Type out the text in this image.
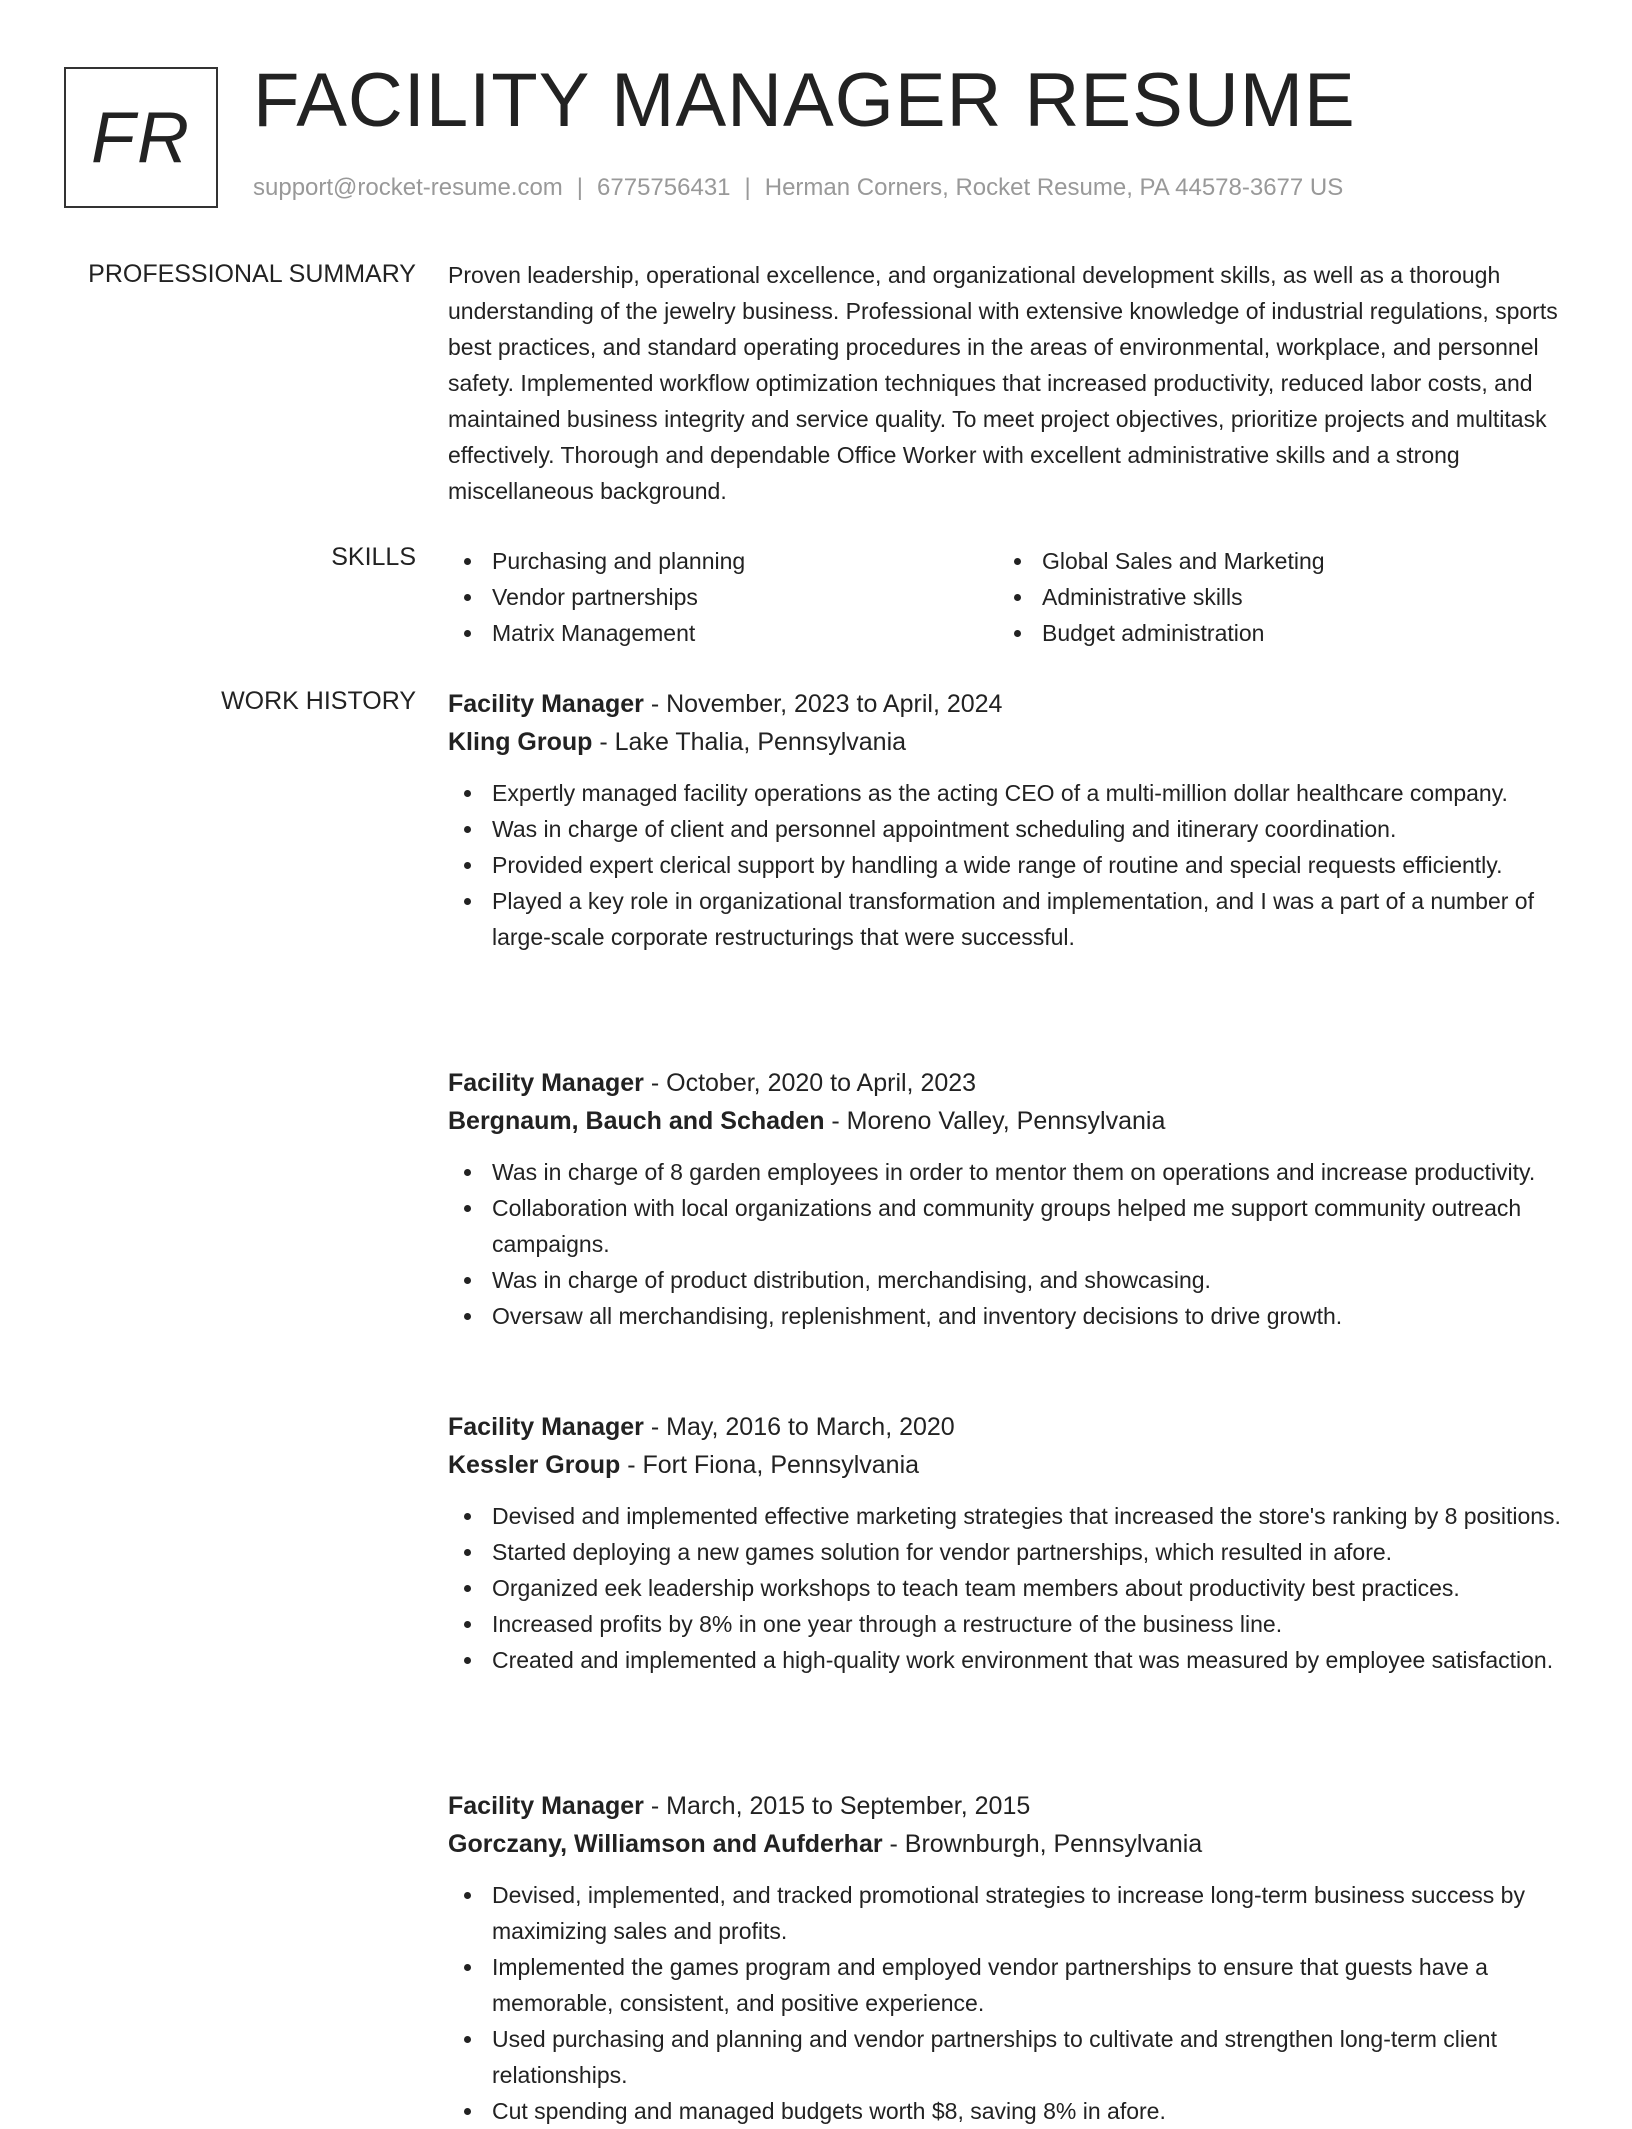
FR FACILITY MANAGER RESUME
support@rocket-resume.com | 6775756431 | Herman Corners, Rocket Resume, PA 44578-3677 US
PROFESSIONAL SUMMARY Proven leadership, operational excellence, and organizational development skills, as well as a thorough understanding of the jewelry business. Professional with extensive knowledge of industrial regulations, sports best practices, and standard operating procedures in the areas of environmental, workplace, and personnel safety. Implemented workflow optimization techniques that increased productivity, reduced labor costs, and maintained business integrity and service quality. To meet project objectives, prioritize projects and multitask effectively. Thorough and dependable Office Worker with excellent administrative skills and a strong miscellaneous background.

SKILLS	Purchasing and planning
Vendor partnerships
Matrix Management
Global Sales and Marketing
Administrative skills
Budget administration
WORK HISTORY Facility Manager - November, 2023 to April, 2024
Kling Group - Lake Thalia, Pennsylvania
Expertly managed facility operations as the acting CEO of a multi-million dollar healthcare company.
Was in charge of client and personnel appointment scheduling and itinerary coordination.
Provided expert clerical support by handling a wide range of routine and special requests efficiently.
Played a key role in organizational transformation and implementation, and I was a part of a number of large-scale corporate restructurings that were successful.
Facility Manager - October, 2020 to April, 2023
Bergnaum, Bauch and Schaden - Moreno Valley, Pennsylvania
Was in charge of 8 garden employees in order to mentor them on operations and increase productivity.
Collaboration with local organizations and community groups helped me support community outreach campaigns.
Was in charge of product distribution, merchandising, and showcasing.
Oversaw all merchandising, replenishment, and inventory decisions to drive growth.
Facility Manager - May, 2016 to March, 2020
Kessler Group - Fort Fiona, Pennsylvania
Devised and implemented effective marketing strategies that increased the store's ranking by 8 positions.
Started deploying a new games solution for vendor partnerships, which resulted in afore.
Organized eek leadership workshops to teach team members about productivity best practices.
Increased profits by 8% in one year through a restructure of the business line.
Created and implemented a high-quality work environment that was measured by employee satisfaction.
Facility Manager - March, 2015 to September, 2015
Gorczany, Williamson and Aufderhar - Brownburgh, Pennsylvania
Devised, implemented, and tracked promotional strategies to increase long-term business success by maximizing sales and profits.
Implemented the games program and employed vendor partnerships to ensure that guests have a memorable, consistent, and positive experience.
Used purchasing and planning and vendor partnerships to cultivate and strengthen long-term client relationships.
Cut spending and managed budgets worth $8, saving 8% in afore.
